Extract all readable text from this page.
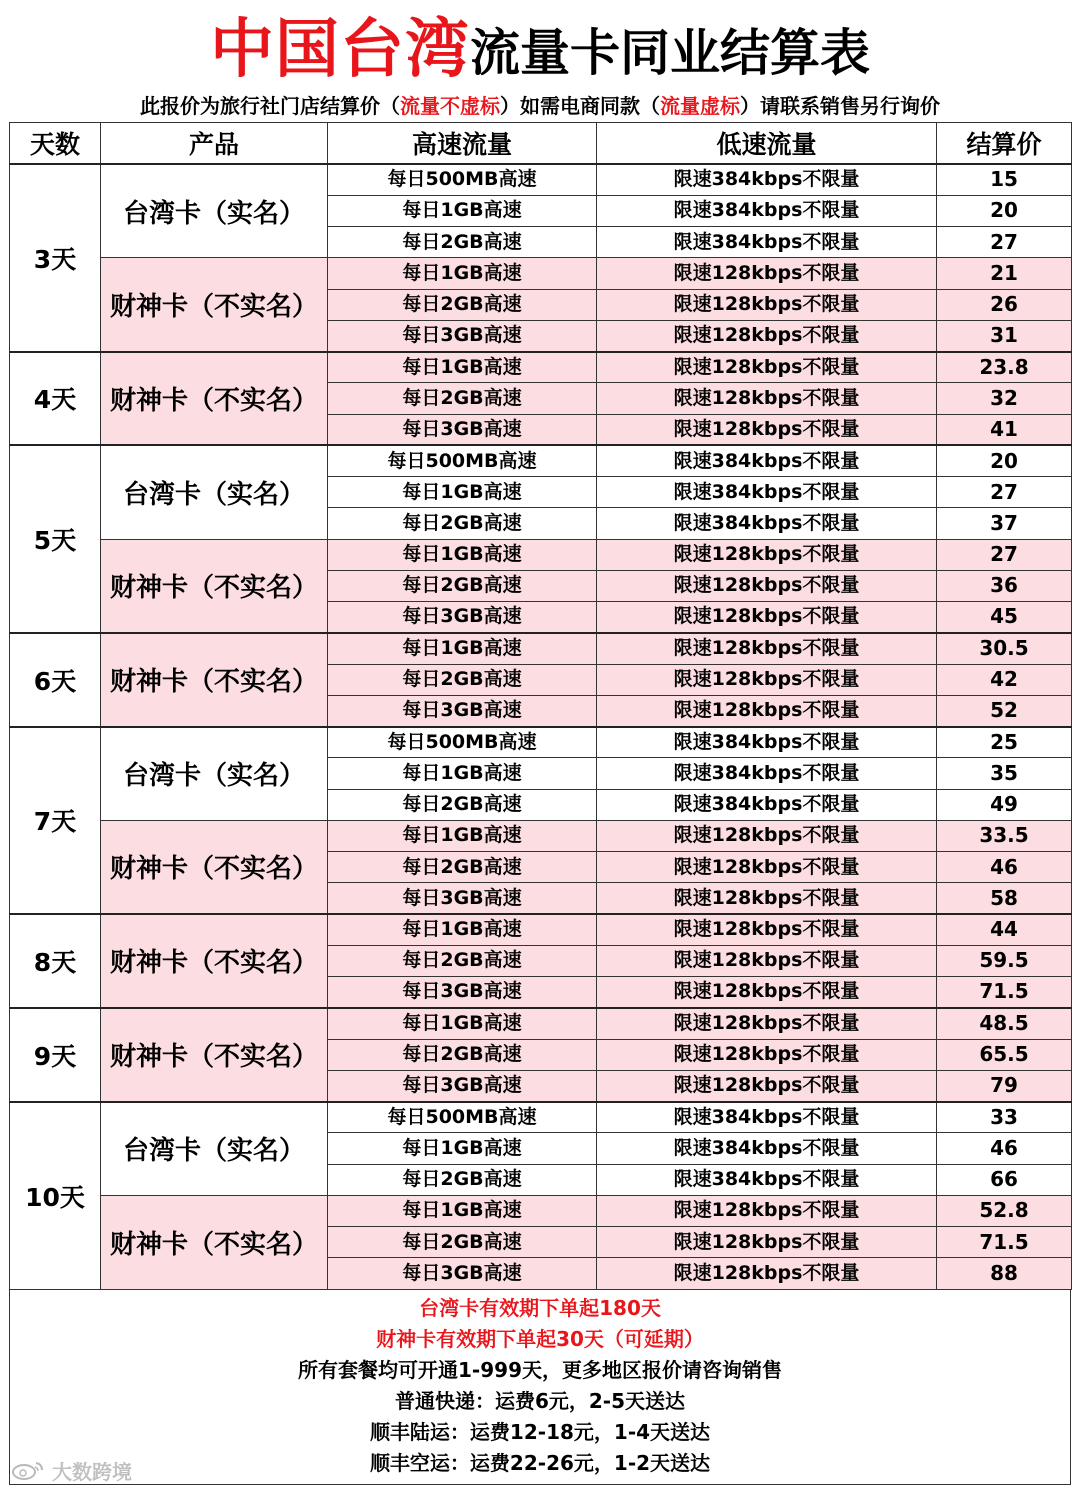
中国台湾 流量卡同业结算表
此报价为旅行社门店结算价（流量不虚标）如需电商同款（流量虚标）请联系销售另行询价
天数	产品	高速流量	低速流量	结算价
3天	台湾卡（实名）	每日500MB高速	限速384kbps不限量	15
		每日1GB高速	限速384kbps不限量	20
		每日2GB高速	限速384kbps不限量	27
	财神卡（不实名）	每日1GB高速	限速128kbps不限量	21
		每日2GB高速	限速128kbps不限量	26
		每日3GB高速	限速128kbps不限量	31
4天	财神卡（不实名）	每日1GB高速	限速128kbps不限量	23.8
		每日2GB高速	限速128kbps不限量	32
		每日3GB高速	限速128kbps不限量	41
5天	台湾卡（实名）	每日500MB高速	限速384kbps不限量	20
		每日1GB高速	限速384kbps不限量	27
		每日2GB高速	限速384kbps不限量	37
	财神卡（不实名）	每日1GB高速	限速128kbps不限量	27
		每日2GB高速	限速128kbps不限量	36
		每日3GB高速	限速128kbps不限量	45
6天	财神卡（不实名）	每日1GB高速	限速128kbps不限量	30.5
		每日2GB高速	限速128kbps不限量	42
		每日3GB高速	限速128kbps不限量	52
7天	台湾卡（实名）	每日500MB高速	限速384kbps不限量	25
		每日1GB高速	限速384kbps不限量	35
		每日2GB高速	限速384kbps不限量	49
	财神卡（不实名）	每日1GB高速	限速128kbps不限量	33.5
		每日2GB高速	限速128kbps不限量	46
		每日3GB高速	限速128kbps不限量	58
8天	财神卡（不实名）	每日1GB高速	限速128kbps不限量	44
		每日2GB高速	限速128kbps不限量	59.5
		每日3GB高速	限速128kbps不限量	71.5
9天	财神卡（不实名）	每日1GB高速	限速128kbps不限量	48.5
		每日2GB高速	限速128kbps不限量	65.5
		每日3GB高速	限速128kbps不限量	79
10天	台湾卡（实名）	每日500MB高速	限速384kbps不限量	33
		每日1GB高速	限速384kbps不限量	46
		每日2GB高速	限速384kbps不限量	66
	财神卡（不实名）	每日1GB高速	限速128kbps不限量	52.8
		每日2GB高速	限速128kbps不限量	71.5
		每日3GB高速	限速128kbps不限量	88
台湾卡有效期下单起180天
财神卡有效期下单起30天（可延期）
所有套餐均可开通1-999天，更多地区报价请咨询销售
普通快递：运费6元，2-5天送达
顺丰陆运：运费12-18元，1-4天送达
顺丰空运：运费22-26元，1-2天送达
大数跨境
